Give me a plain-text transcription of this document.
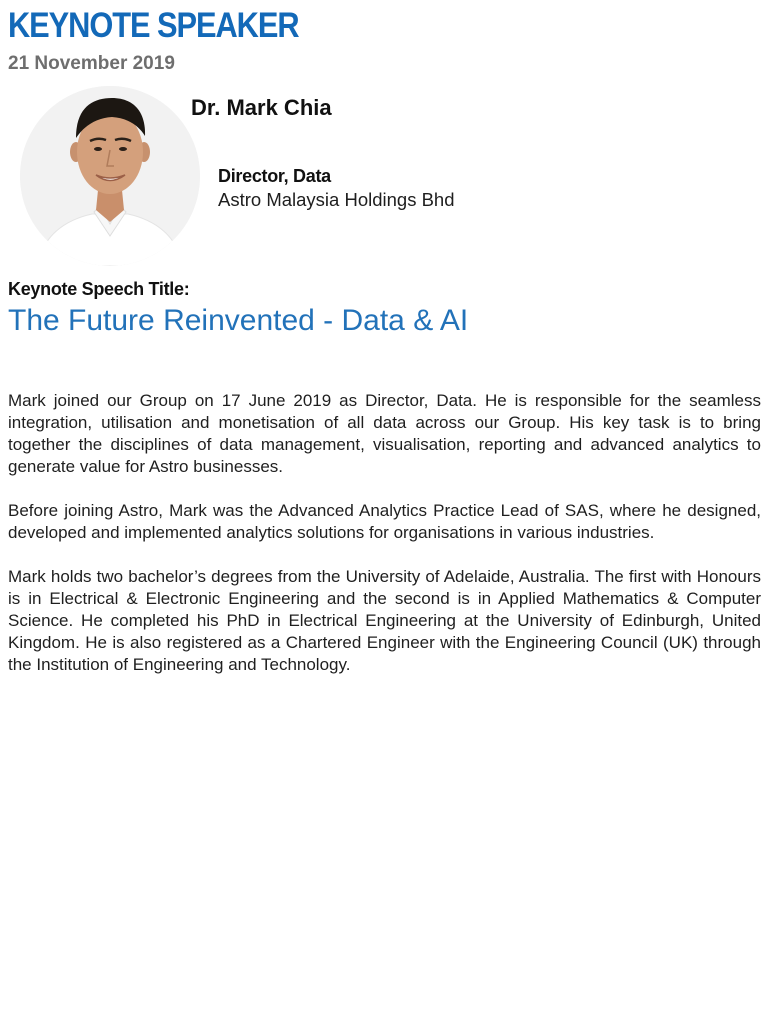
KEYNOTE SPEAKER
21 November 2019
Dr. Mark Chia
Director, Data
Astro Malaysia Holdings Bhd
Keynote Speech Title:
The Future Reinvented - Data & AI

Mark joined our Group on 17 June 2019 as Director, Data. He is responsible for the seamless integration, utilisation and monetisation of all data across our Group. His key task is to bring together the disciplines of data management, visualisation, reporting and advanced analytics to generate value for Astro businesses.

Before joining Astro, Mark was the Advanced Analytics Practice Lead of SAS, where he designed, developed and implemented analytics solutions for organisations in various industries.

Mark holds two bachelor’s degrees from the University of Adelaide, Australia. The first with Honours is in Electrical & Electronic Engineering and the second is in Applied Mathematics & Computer Science. He completed his PhD in Electrical Engineering at the University of Edinburgh, United Kingdom. He is also registered as a Chartered Engineer with the Engineering Council (UK) through the Institution of Engineering and Technology.
